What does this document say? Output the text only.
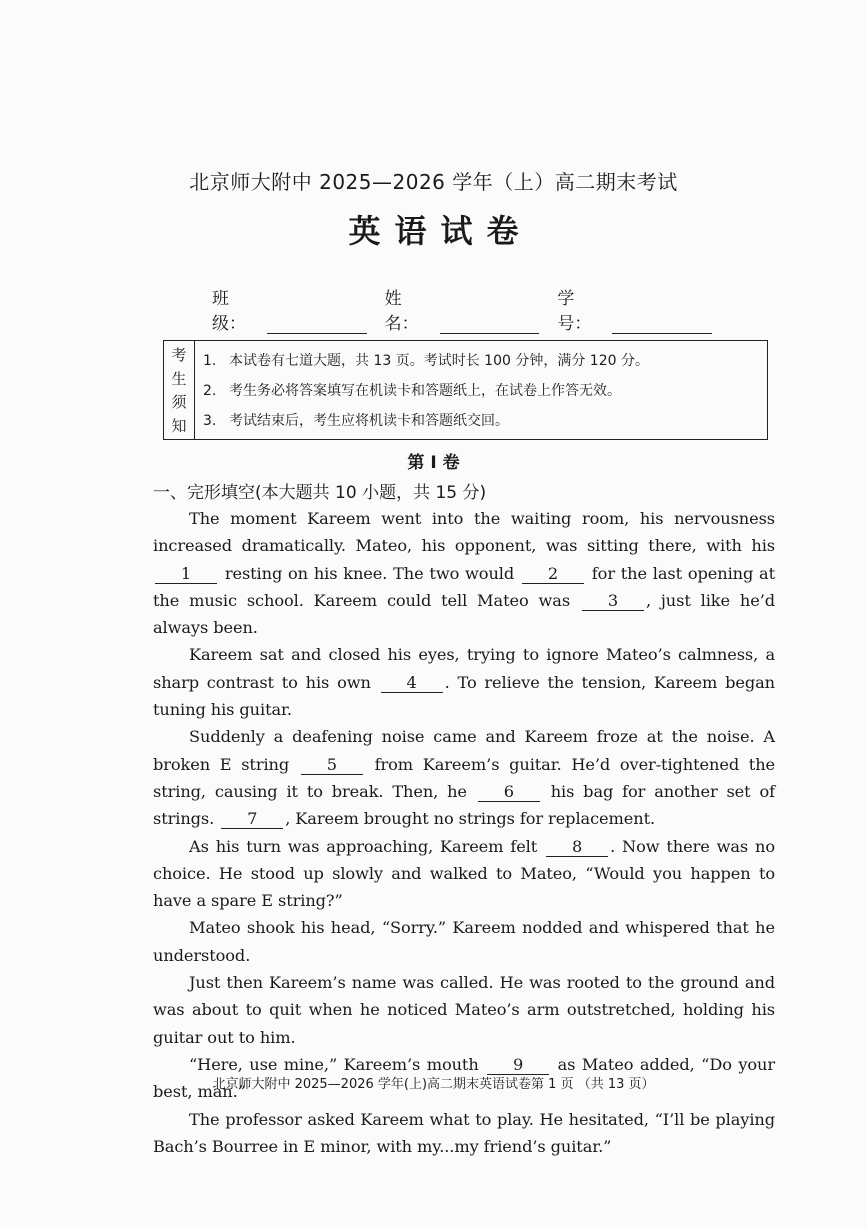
北京师大附中 2025—2026 学年（上）高二期末考试
英语试卷
班级：
姓名：
学号：
考
生
须
知
1. 本试卷有七道大题，共 13 页。考试时长 100 分钟，满分 120 分。
2. 考生务必将答案填写在机读卡和答题纸上，在试卷上作答无效。
3. 考试结束后，考生应将机读卡和答题纸交回。
第 I 卷
一、完形填空(本大题共 10 小题，共 15 分)

The moment Kareem went into the waiting room, his nervousness increased dramatically. Mateo, his opponent, was sitting there, with his 1 resting on his knee. The two would 2 for the last opening at the music school. Kareem could tell Mateo was 3 , just like he’d always been.

Kareem sat and closed his eyes, trying to ignore Mateo’s calmness, a sharp contrast to his own 4 . To relieve the tension, Kareem began tuning his guitar.

Suddenly a deafening noise came and Kareem froze at the noise. A broken E string 5 from Kareem’s guitar. He’d over-tightened the string, causing it to break. Then, he 6 his bag for another set of strings. 7 , Kareem brought no strings for replacement.

As his turn was approaching, Kareem felt 8 . Now there was no choice. He stood up slowly and walked to Mateo, “Would you happen to have a spare E string?”

Mateo shook his head, “Sorry.” Kareem nodded and whispered that he understood.

Just then Kareem’s name was called. He was rooted to the ground and was about to quit when he noticed Mateo’s arm outstretched, holding his guitar out to him.

“Here, use mine,” Kareem’s mouth 9 as Mateo added, “Do your best, man.”

The professor asked Kareem what to play. He hesitated, “I’ll be playing Bach’s Bourree in E minor, with my...my friend’s guitar.”

北京师大附中 2025—2026 学年(上)高二期末英语试卷第 1 页 （共 13 页）
